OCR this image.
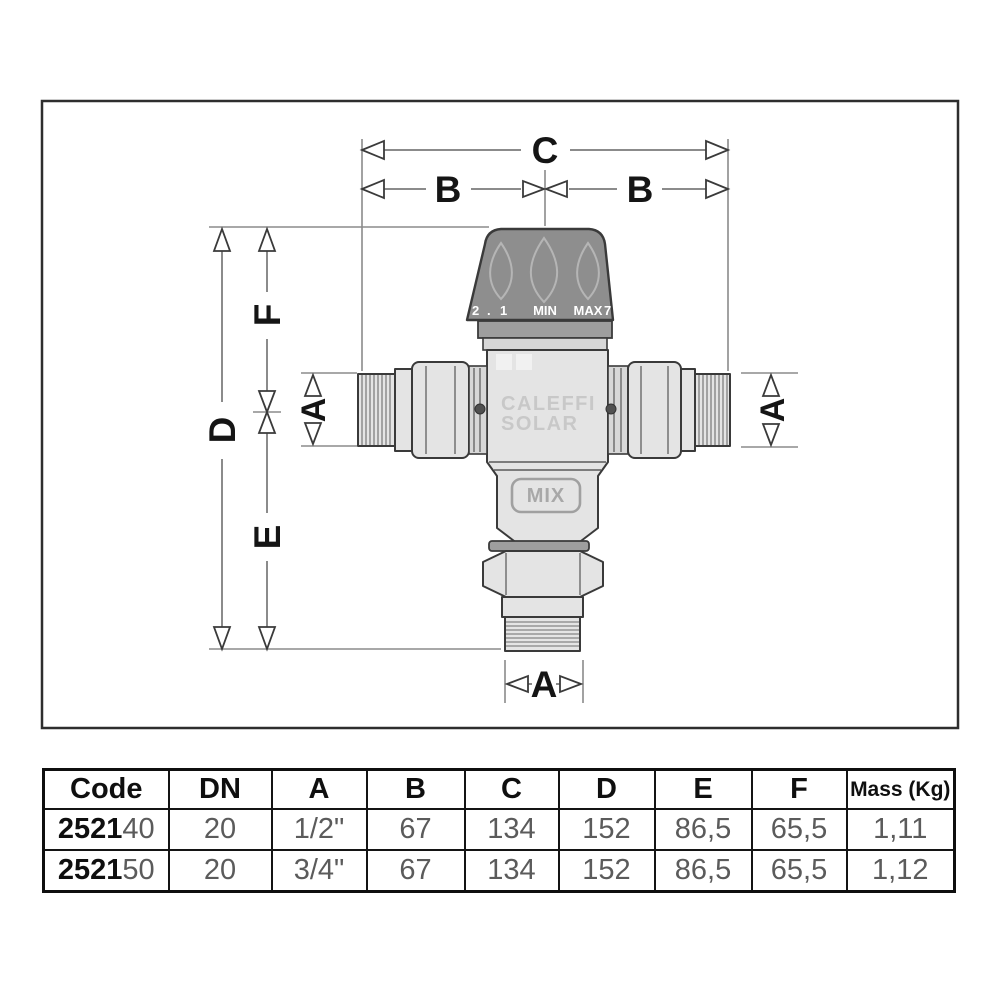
C
B	B
D
F
E
A	A
A
2 . 1 MIN MAX 7
CALEFFI
SOLAR
MIX
Code	DN	A	B	C	D	E	F	Mass (Kg)
252140	20	1/2"	67	134	152	86,5	65,5	1,11
252150	20	3/4"	67	134	152	86,5	65,5	1,12
